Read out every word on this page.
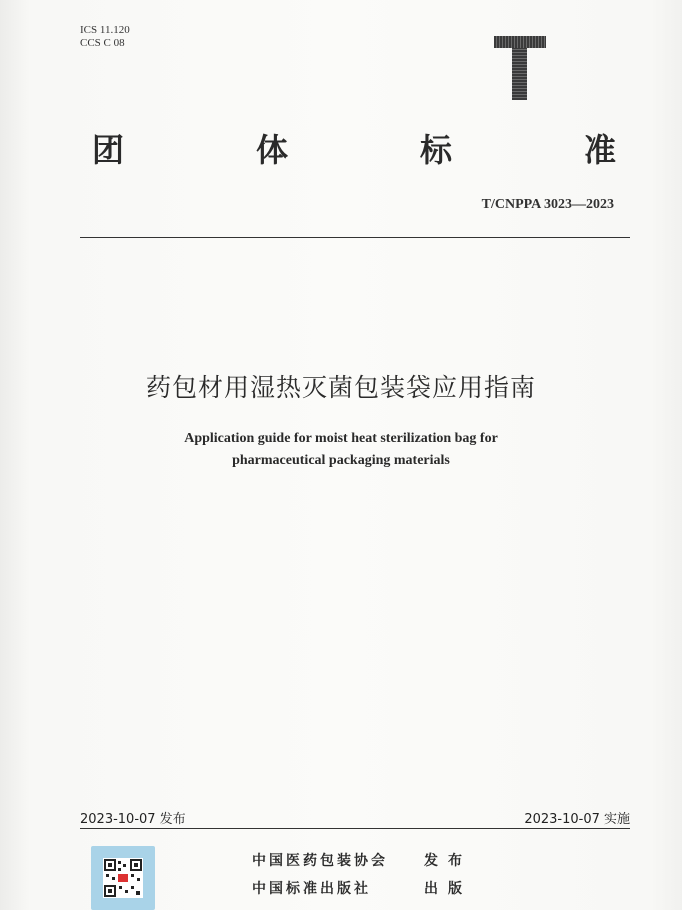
ICS 11.120
CCS C 08
团	体	标	准
T/CNPPA 3023—2023
药包材用湿热灭菌包装袋应用指南
Application guide for moist heat sterilization bag for
pharmaceutical packaging materials
2023-10-07 发布	2023-10-07 实施
中国医药包装协会	发布
中国标准出版社	出版
